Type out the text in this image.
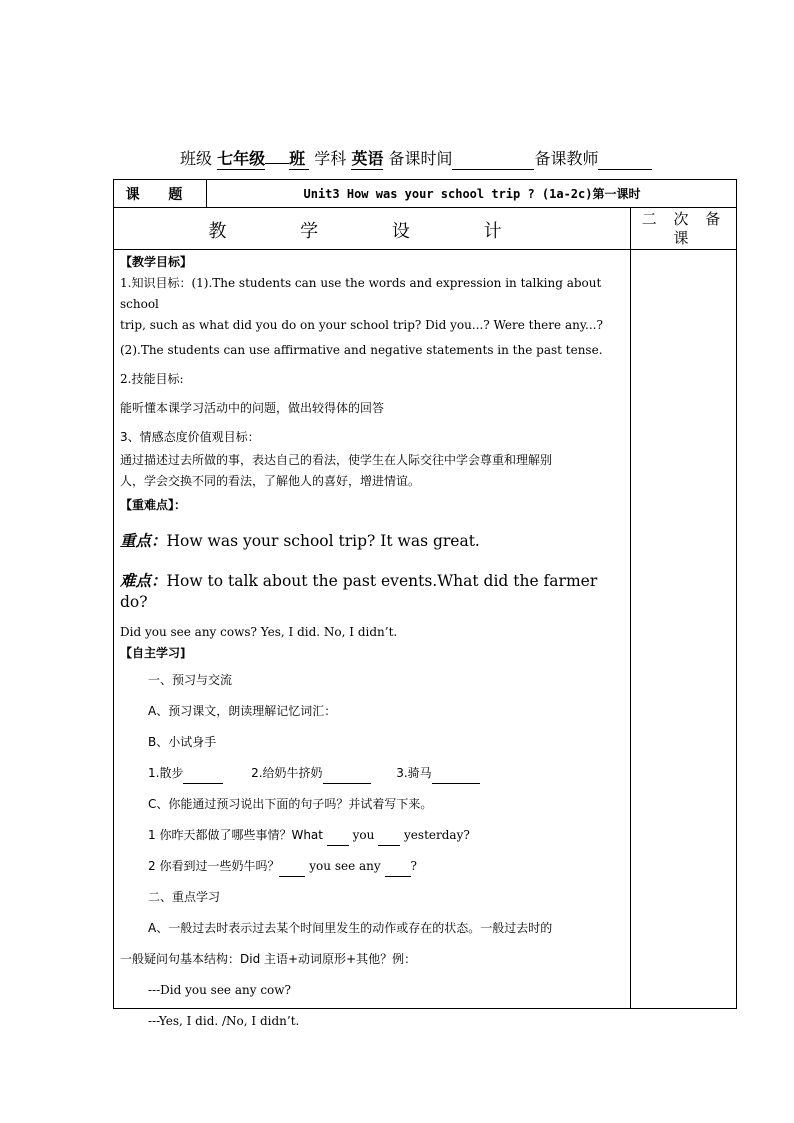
班级 七年级 班 学科 英语 备课时间	备课教师
课 题	Unit3 How was your school trip ? (1a-2c)第一课时
教 学 设 计
二 次 备 课

【教学目标】

1.知识目标：(1).The students can use the words and expression in talking about school

trip, such as what did you do on your school trip? Did you...? Were there any...?

(2).The students can use affirmative and negative statements in the past tense.

2.技能目标:

能听懂本课学习活动中的问题，做出较得体的回答

3、情感态度价值观目标：

通过描述过去所做的事，表达自己的看法，使学生在人际交往中学会尊重和理解别

人，学会交换不同的看法，了解他人的喜好，增进情谊。

【重难点】：

重点：How was your school trip? It was great.

难点：How to talk about the past events.What did the farmer do?

Did you see any cows? Yes, I did. No, I didn’t.

【自主学习]

一、预习与交流

A、预习课文，朗读理解记忆词汇：

B、小试身手

1.散步	2.给奶牛挤奶	3.骑马

C、你能通过预习说出下面的句子吗？并试着写下来。

1 你昨天都做了哪些事情？What you yesterday?

2 你看到过一些奶牛吗？ you see any ?

二、重点学习

A、一般过去时表示过去某个时间里发生的动作或存在的状态。一般过去时的

一般疑问句基本结构：Did 主语+动词原形+其他？例：

---Did you see any cow?

---Yes, I did. /No, I didn’t.
